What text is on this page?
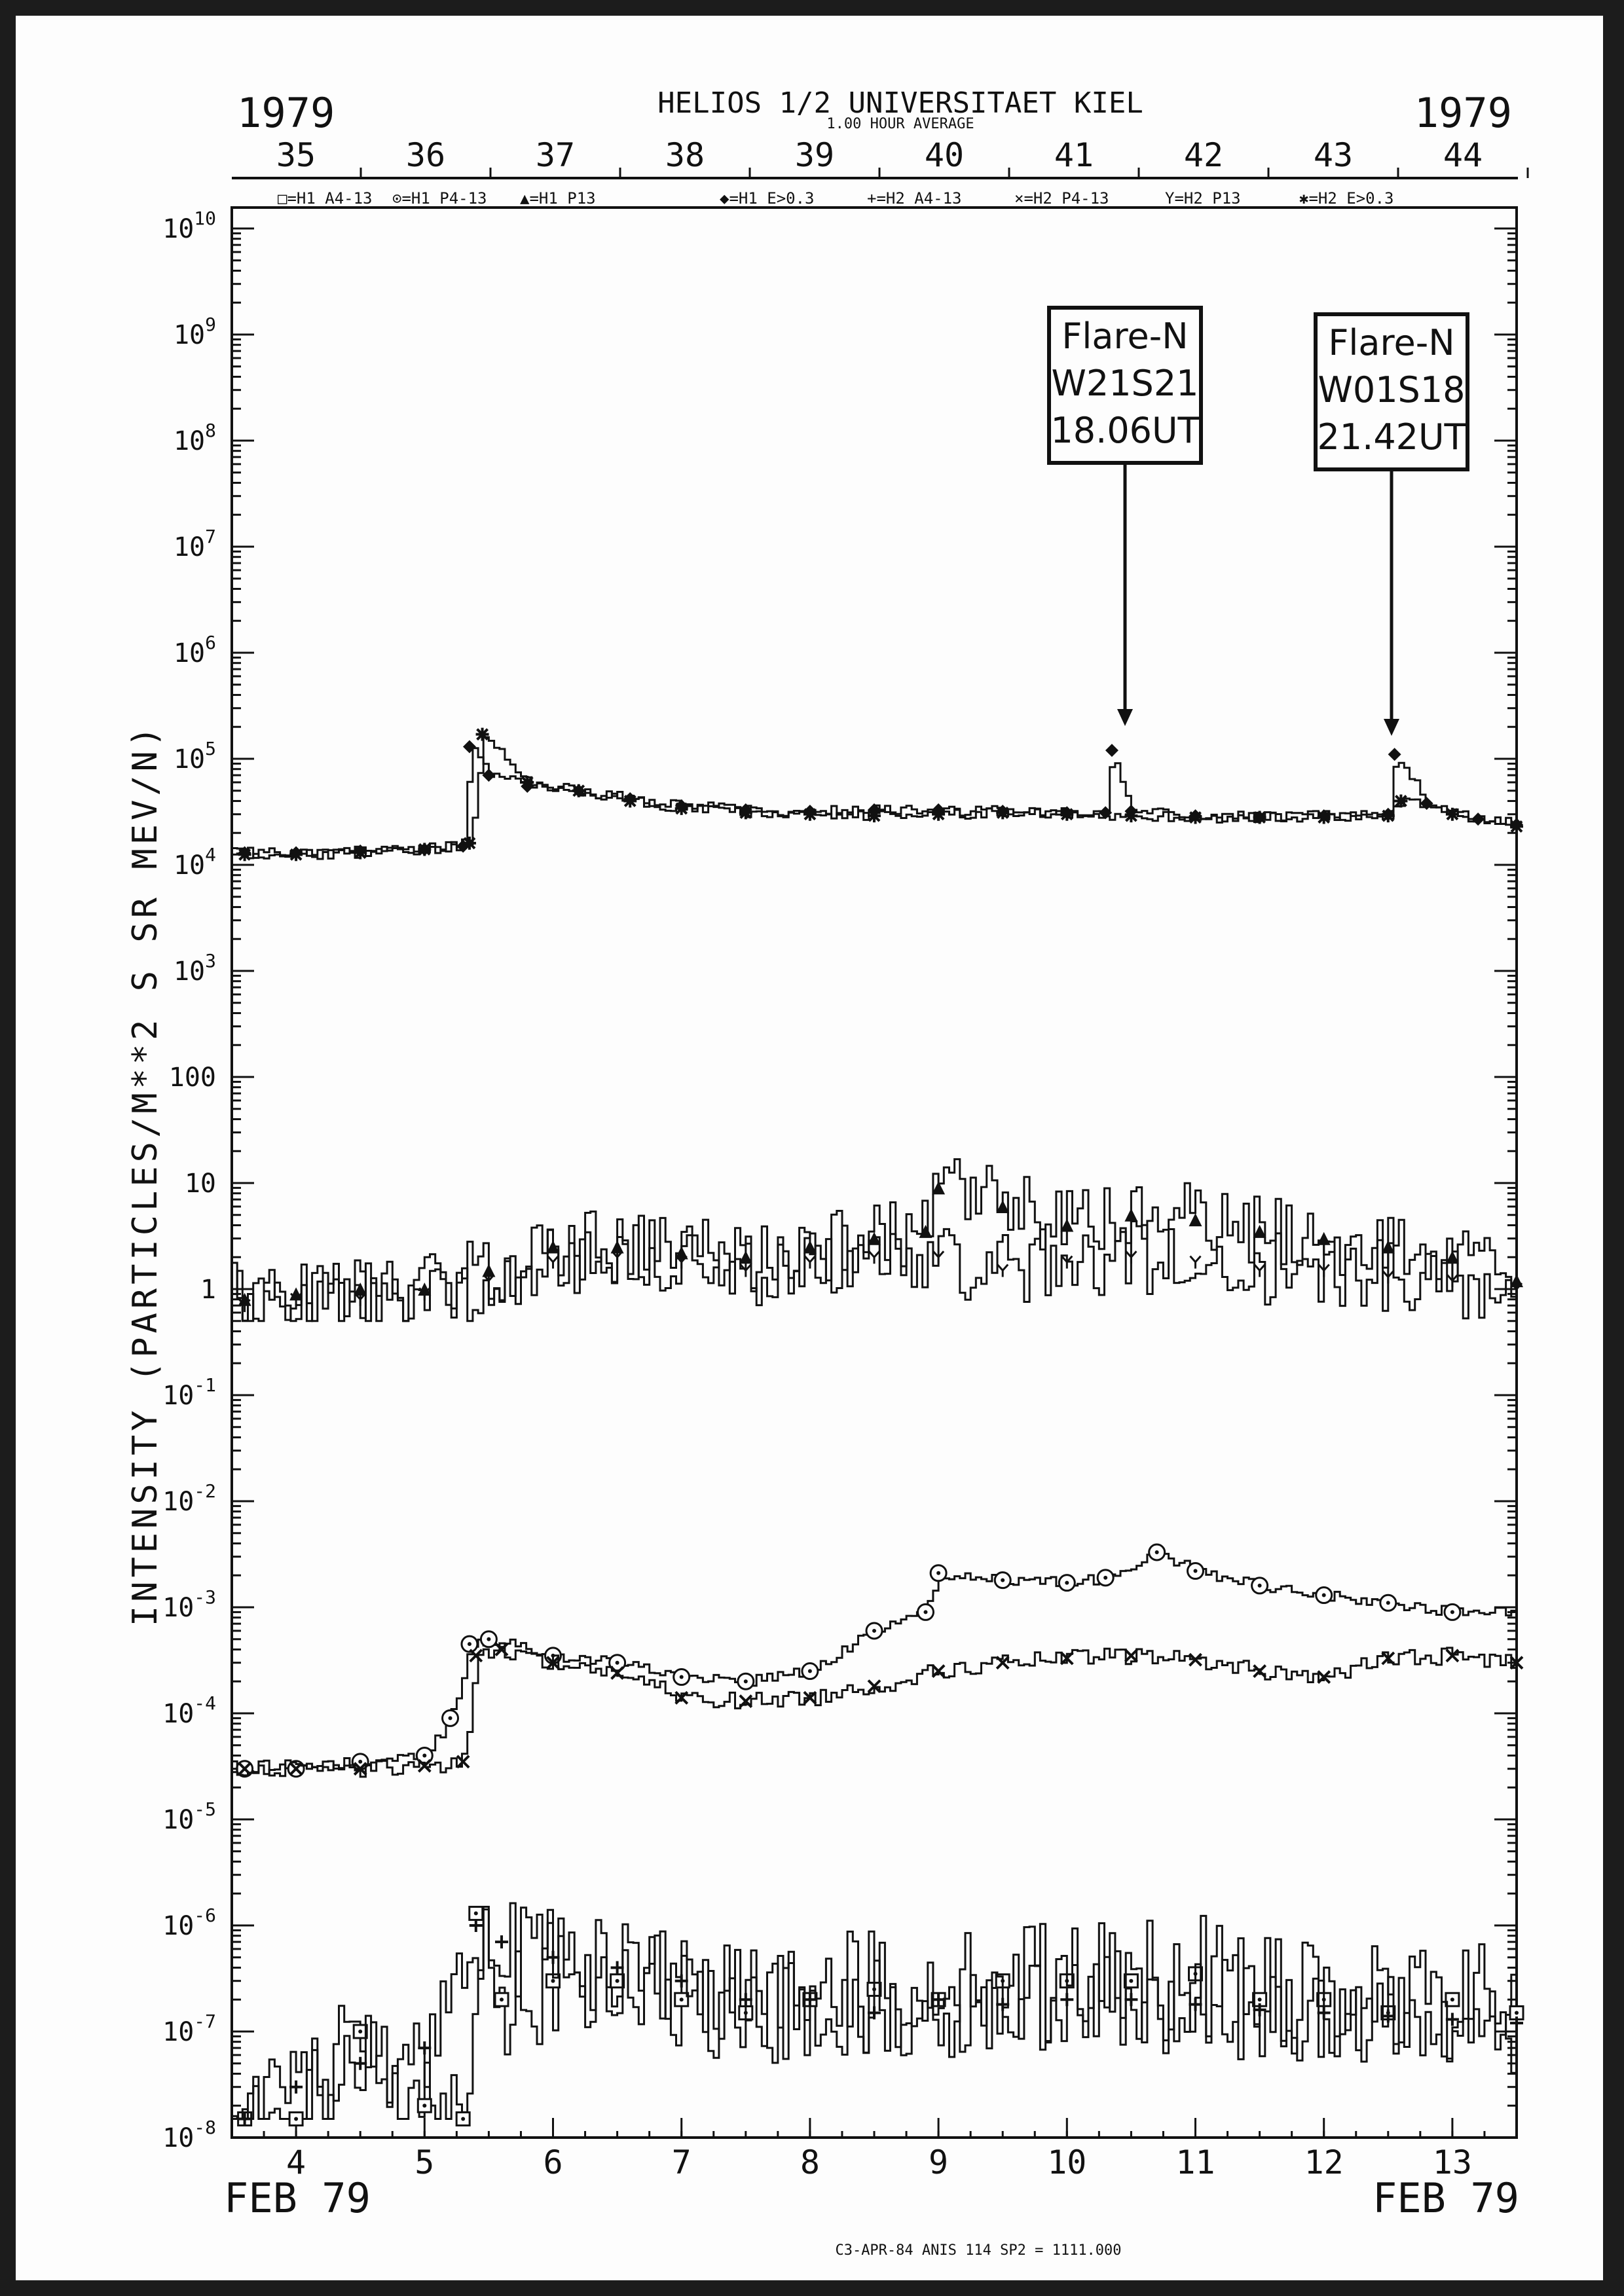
1979	1979
HELIOS 1/2 UNIVERSITAET KIEL
1.00 HOUR AVERAGE
35	36	37	38	39	40	41	42	43	44
□=H1 A4-13 ⊙=H1 P4-13 ▲=H1 P13	◆=H1 E>0.3	+=H2 A4-13	×=H2 P4-13	Y=H2 P13	✱=H2 E>0.3
$10^{10}$
$10^9$
$10^8$
$10^7$
$10^6$
$10^5$
$10^4$
$10^3$
100
10
1
$10^{-1}$
$10^{-2}$
$10^{-3}$
$10^{-4}$
$10^{-5}$
$10^{-6}$
$10^{-7}$
$10^{-8}$
4	5	6	7	8	9	10	11	12	13
Flare-N
W21S21
18.06UT
Flare-N
W01S18
21.42UT
INTENSITY (PARTICLES/M**2 S SR MEV/N)
FEB 79	FEB 79
C3-APR-84 ANIS 114 SP2 = 1111.000
